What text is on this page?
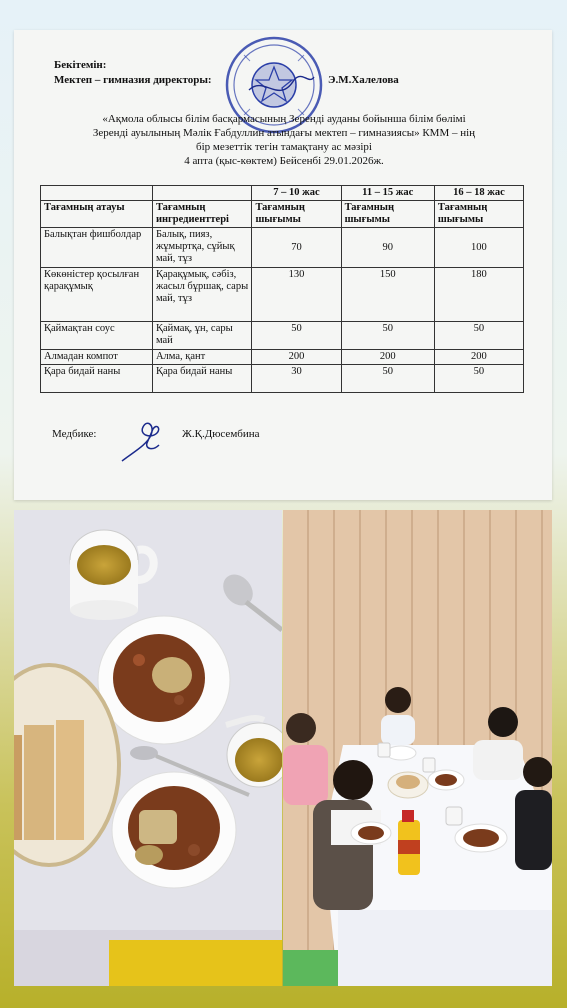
Бекітемін:
Мектеп – гимназия директоры:	Э.М.Халелова
«Ақмола облысы білім басқармасының Зеренді ауданы бойынша білім бөлімі
Зеренді ауылының Мәлік Ғабдуллин атындағы мектеп – гимназиясы» КММ – нің
бір мезеттік тегін тамақтану ас мәзірі
4 апта (қыс-көктем) Бейсенбі 29.01.2026ж.
		7 – 10 жас	11 – 15 жас	16 – 18 жас
Тағамның атауы	Тағамның ингредиенттері	Тағамның шығымы	Тағамның шығымы	Тағамның шығымы
Балықтан фишболдар	Балық, пияз, жұмыртқа, сұйық май, тұз	70	90	100
Көкөністер қосылған қарақұмық	Қарақұмық, сәбіз, жасыл бұршақ, сары май, тұз	130	150	180
Қаймақтан соус	Қаймақ, ұн, сары май	50	50	50
Алмадан компот	Алма, қант	200	200	200
Қара бидай наны	Қара бидай наны	30	50	50
Медбике:	Ж.Қ.Дюсембина
